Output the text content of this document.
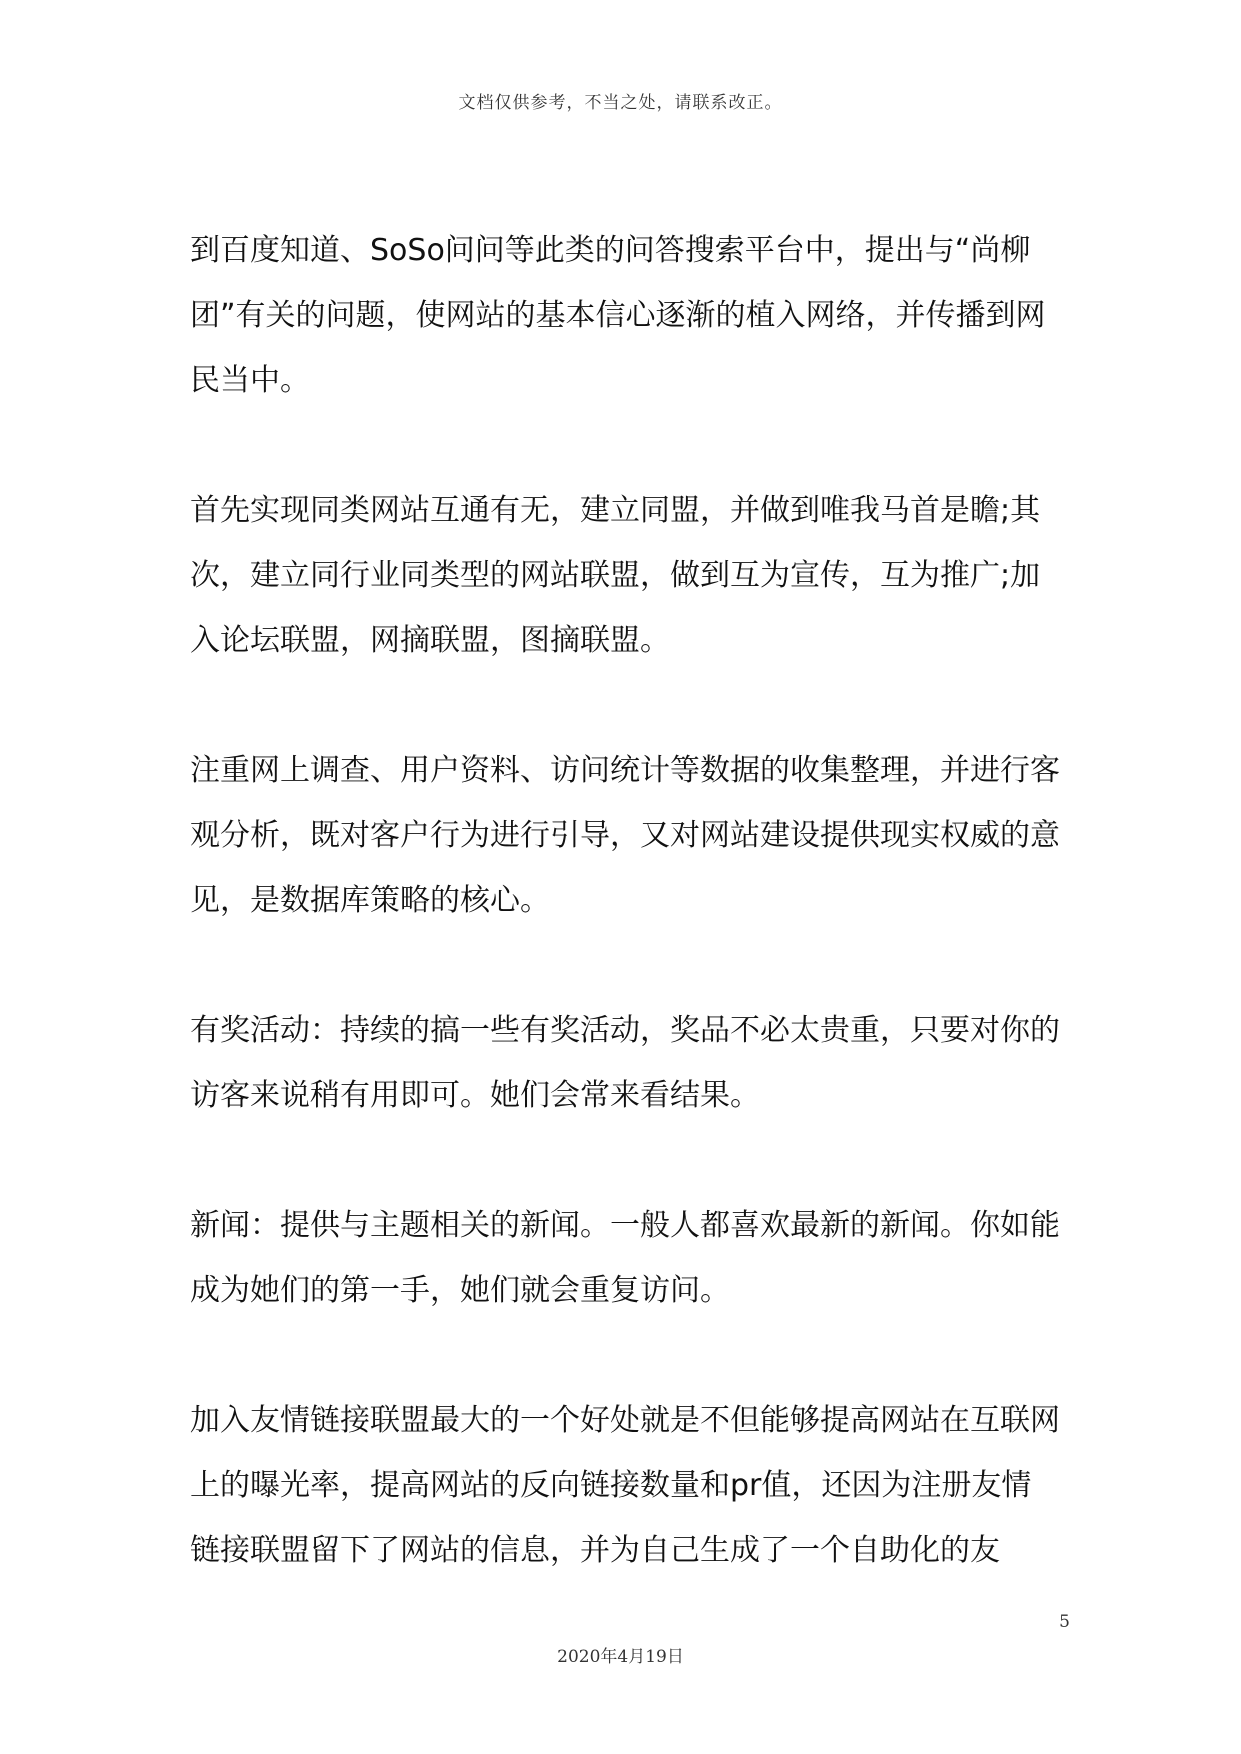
文档仅供参考，不当之处，请联系改正。

到百度知道、SoSo问问等此类的问答搜索平台中，提出与“尚柳团”有关的问题，使网站的基本信心逐渐的植入网络，并传播到网民当中。

首先实现同类网站互通有无，建立同盟，并做到唯我马首是瞻;其次，建立同行业同类型的网站联盟，做到互为宣传，互为推广;加入论坛联盟，网摘联盟，图摘联盟。

注重网上调查、用户资料、访问统计等数据的收集整理，并进行客观分析，既对客户行为进行引导，又对网站建设提供现实权威的意见，是数据库策略的核心。

有奖活动：持续的搞一些有奖活动，奖品不必太贵重，只要对你的访客来说稍有用即可。她们会常来看结果。

新闻：提供与主题相关的新闻。一般人都喜欢最新的新闻。你如能成为她们的第一手，她们就会重复访问。

加入友情链接联盟最大的一个好处就是不但能够提高网站在互联网上的曝光率，提高网站的反向链接数量和pr值，还因为注册友情链接联盟留下了网站的信息，并为自己生成了一个自助化的友

5
2020年4月19日
